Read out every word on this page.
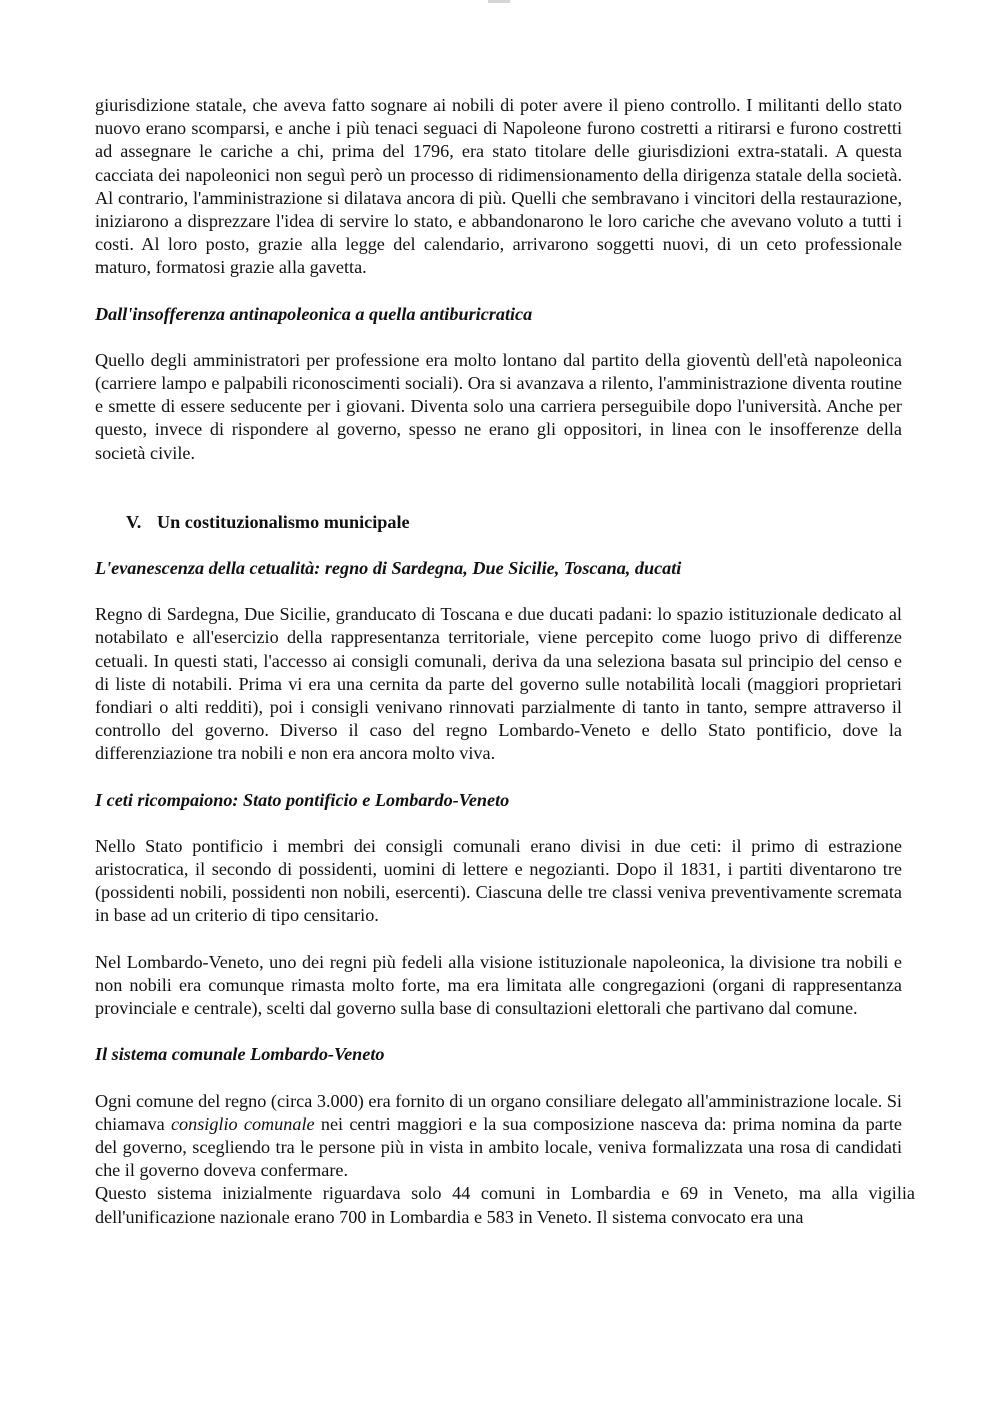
giurisdizione statale, che aveva fatto sognare ai nobili di poter avere il pieno controllo. I militanti dello stato nuovo erano scomparsi, e anche i più tenaci seguaci di Napoleone furono costretti a ritirarsi e furono costretti ad assegnare le cariche a chi, prima del 1796, era stato titolare delle giurisdizioni extra-statali. A questa cacciata dei napoleonici non seguì però un processo di ridimensionamento della dirigenza statale della società. Al contrario, l'amministrazione si dilatava ancora di più. Quelli che sembravano i vincitori della restaurazione, iniziarono a disprezzare l'idea di servire lo stato, e abbandonarono le loro cariche che avevano voluto a tutti i costi. Al loro posto, grazie alla legge del calendario, arrivarono soggetti nuovi, di un ceto professionale maturo, formatosi grazie alla gavetta.

Dall'insofferenza antinapoleonica a quella antiburicratica

Quello degli amministratori per professione era molto lontano dal partito della gioventù dell'età napoleonica (carriere lampo e palpabili riconoscimenti sociali). Ora si avanzava a rilento, l'amministrazione diventa routine e smette di essere seducente per i giovani. Diventa solo una carriera perseguibile dopo l'università. Anche per questo, invece di rispondere al governo, spesso ne erano gli oppositori, in linea con le insofferenze della società civile.

V. Un costituzionalismo municipale

L'evanescenza della cetualità: regno di Sardegna, Due Sicilie, Toscana, ducati

Regno di Sardegna, Due Sicilie, granducato di Toscana e due ducati padani: lo spazio istituzionale dedicato al notabilato e all'esercizio della rappresentanza territoriale, viene percepito come luogo privo di differenze cetuali. In questi stati, l'accesso ai consigli comunali, deriva da una seleziona basata sul principio del censo e di liste di notabili. Prima vi era una cernita da parte del governo sulle notabilità locali (maggiori proprietari fondiari o alti redditi), poi i consigli venivano rinnovati parzialmente di tanto in tanto, sempre attraverso il controllo del governo. Diverso il caso del regno Lombardo-Veneto e dello Stato pontificio, dove la differenziazione tra nobili e non era ancora molto viva.

I ceti ricompaiono: Stato pontificio e Lombardo-Veneto

Nello Stato pontificio i membri dei consigli comunali erano divisi in due ceti: il primo di estrazione aristocratica, il secondo di possidenti, uomini di lettere e negozianti. Dopo il 1831, i partiti diventarono tre (possidenti nobili, possidenti non nobili, esercenti). Ciascuna delle tre classi veniva preventivamente scremata in base ad un criterio di tipo censitario.

Nel Lombardo-Veneto, uno dei regni più fedeli alla visione istituzionale napoleonica, la divisione tra nobili e non nobili era comunque rimasta molto forte, ma era limitata alle congregazioni (organi di rappresentanza provinciale e centrale), scelti dal governo sulla base di consultazioni elettorali che partivano dal comune.

Il sistema comunale Lombardo-Veneto

Ogni comune del regno (circa 3.000) era fornito di un organo consiliare delegato all'amministrazione locale. Si chiamava consiglio comunale nei centri maggiori e la sua composizione nasceva da: prima nomina da parte del governo, scegliendo tra le persone più in vista in ambito locale, veniva formalizzata una rosa di candidati che il governo doveva confermare.

Questo sistema inizialmente riguardava solo 44 comuni in Lombardia e 69 in Veneto, ma alla vigilia dell'unificazione nazionale erano 700 in Lombardia e 583 in Veneto. Il sistema convocato era una
